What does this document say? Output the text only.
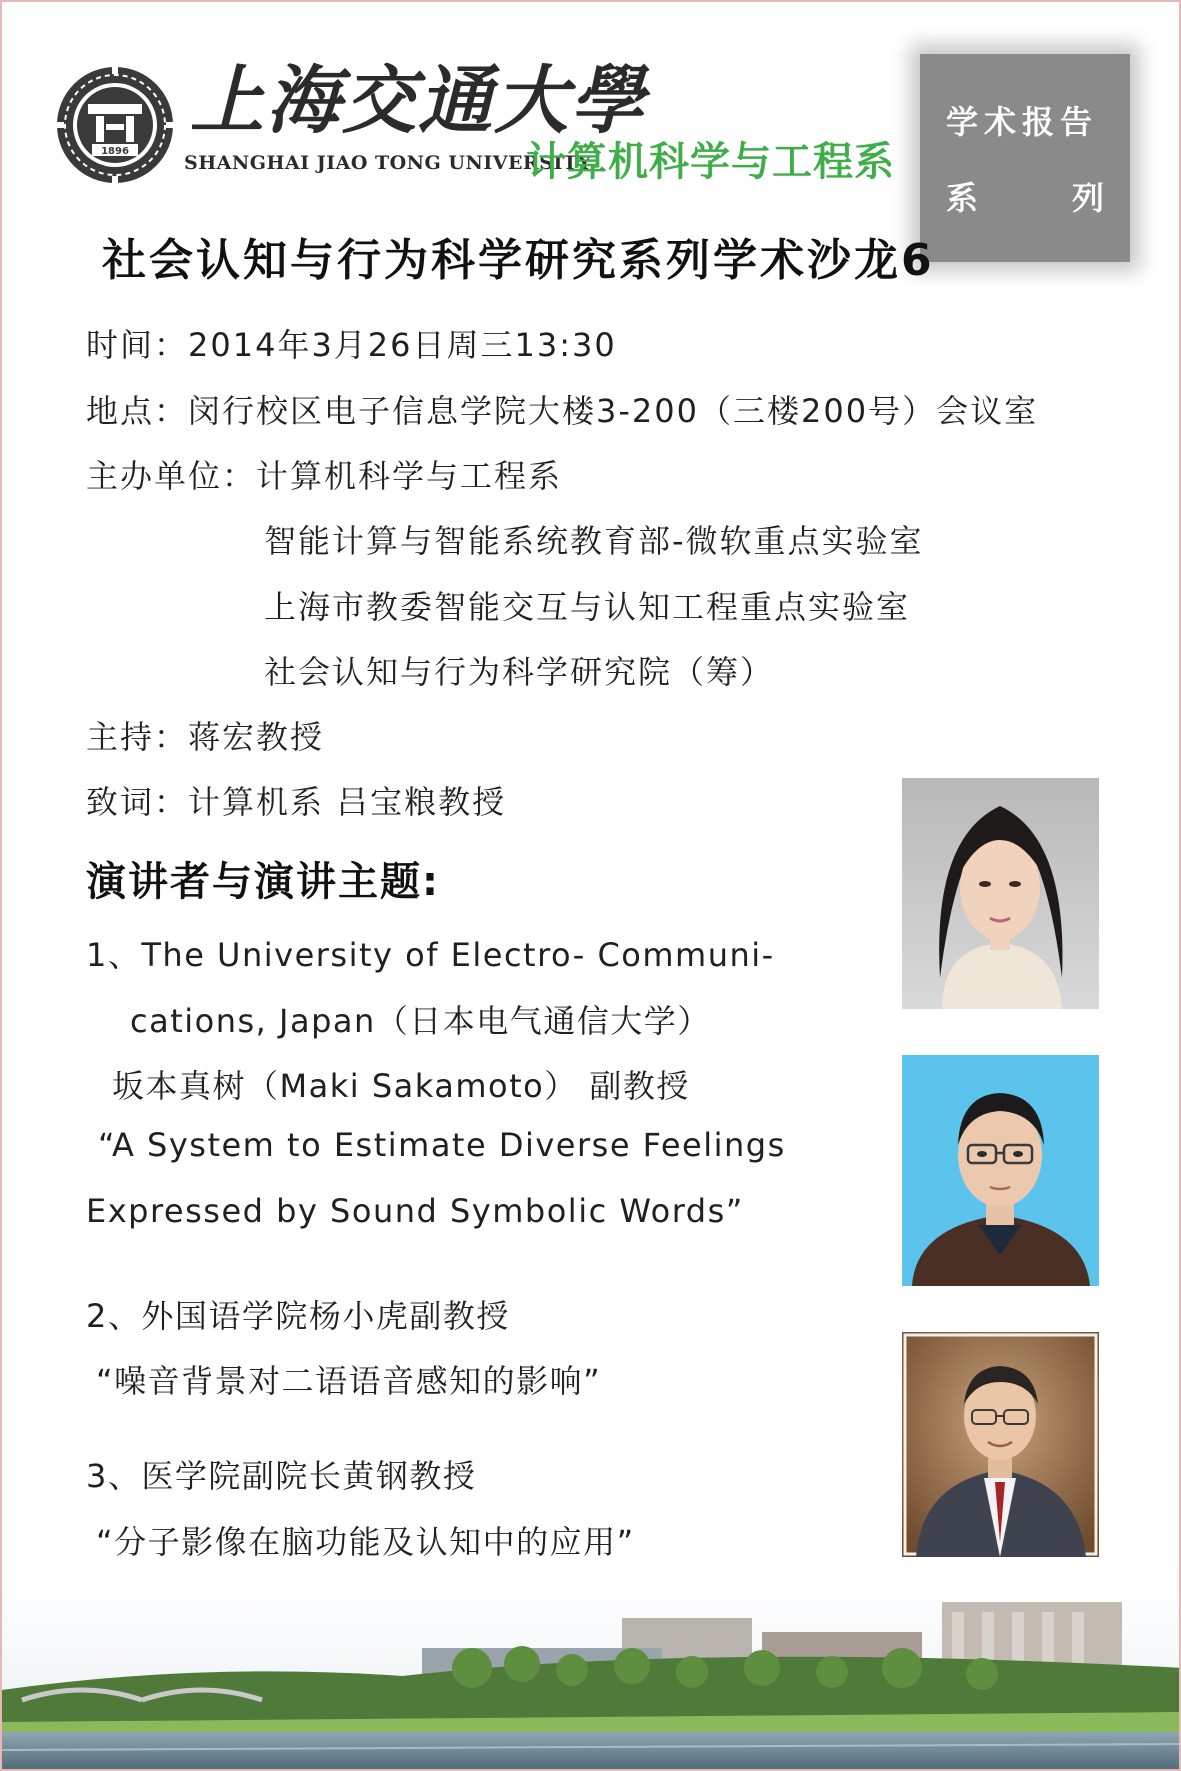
1896
上海交通大學
SHANGHAI JIAO TONG UNIVERSITY
计算机科学与工程系
学术报告
系	列
社会认知与行为科学研究系列学术沙龙6
时间：2014年3月26日周三13:30
地点：闵行校区电子信息学院大楼3-200（三楼200号）会议室
主办单位：计算机科学与工程系
智能计算与智能系统教育部-微软重点实验室
上海市教委智能交互与认知工程重点实验室
社会认知与行为科学研究院（筹）
主持：蒋宏教授
致词：计算机系 吕宝粮教授
演讲者与演讲主题:
1、The University of Electro- Communi-
cations, Japan（日本电气通信大学）
坂本真树（Maki Sakamoto） 副教授
“A System to Estimate Diverse Feelings
Expressed by Sound Symbolic Words”
2、外国语学院杨小虎副教授
“噪音背景对二语语音感知的影响”
3、医学院副院长黄钢教授
“分子影像在脑功能及认知中的应用”
